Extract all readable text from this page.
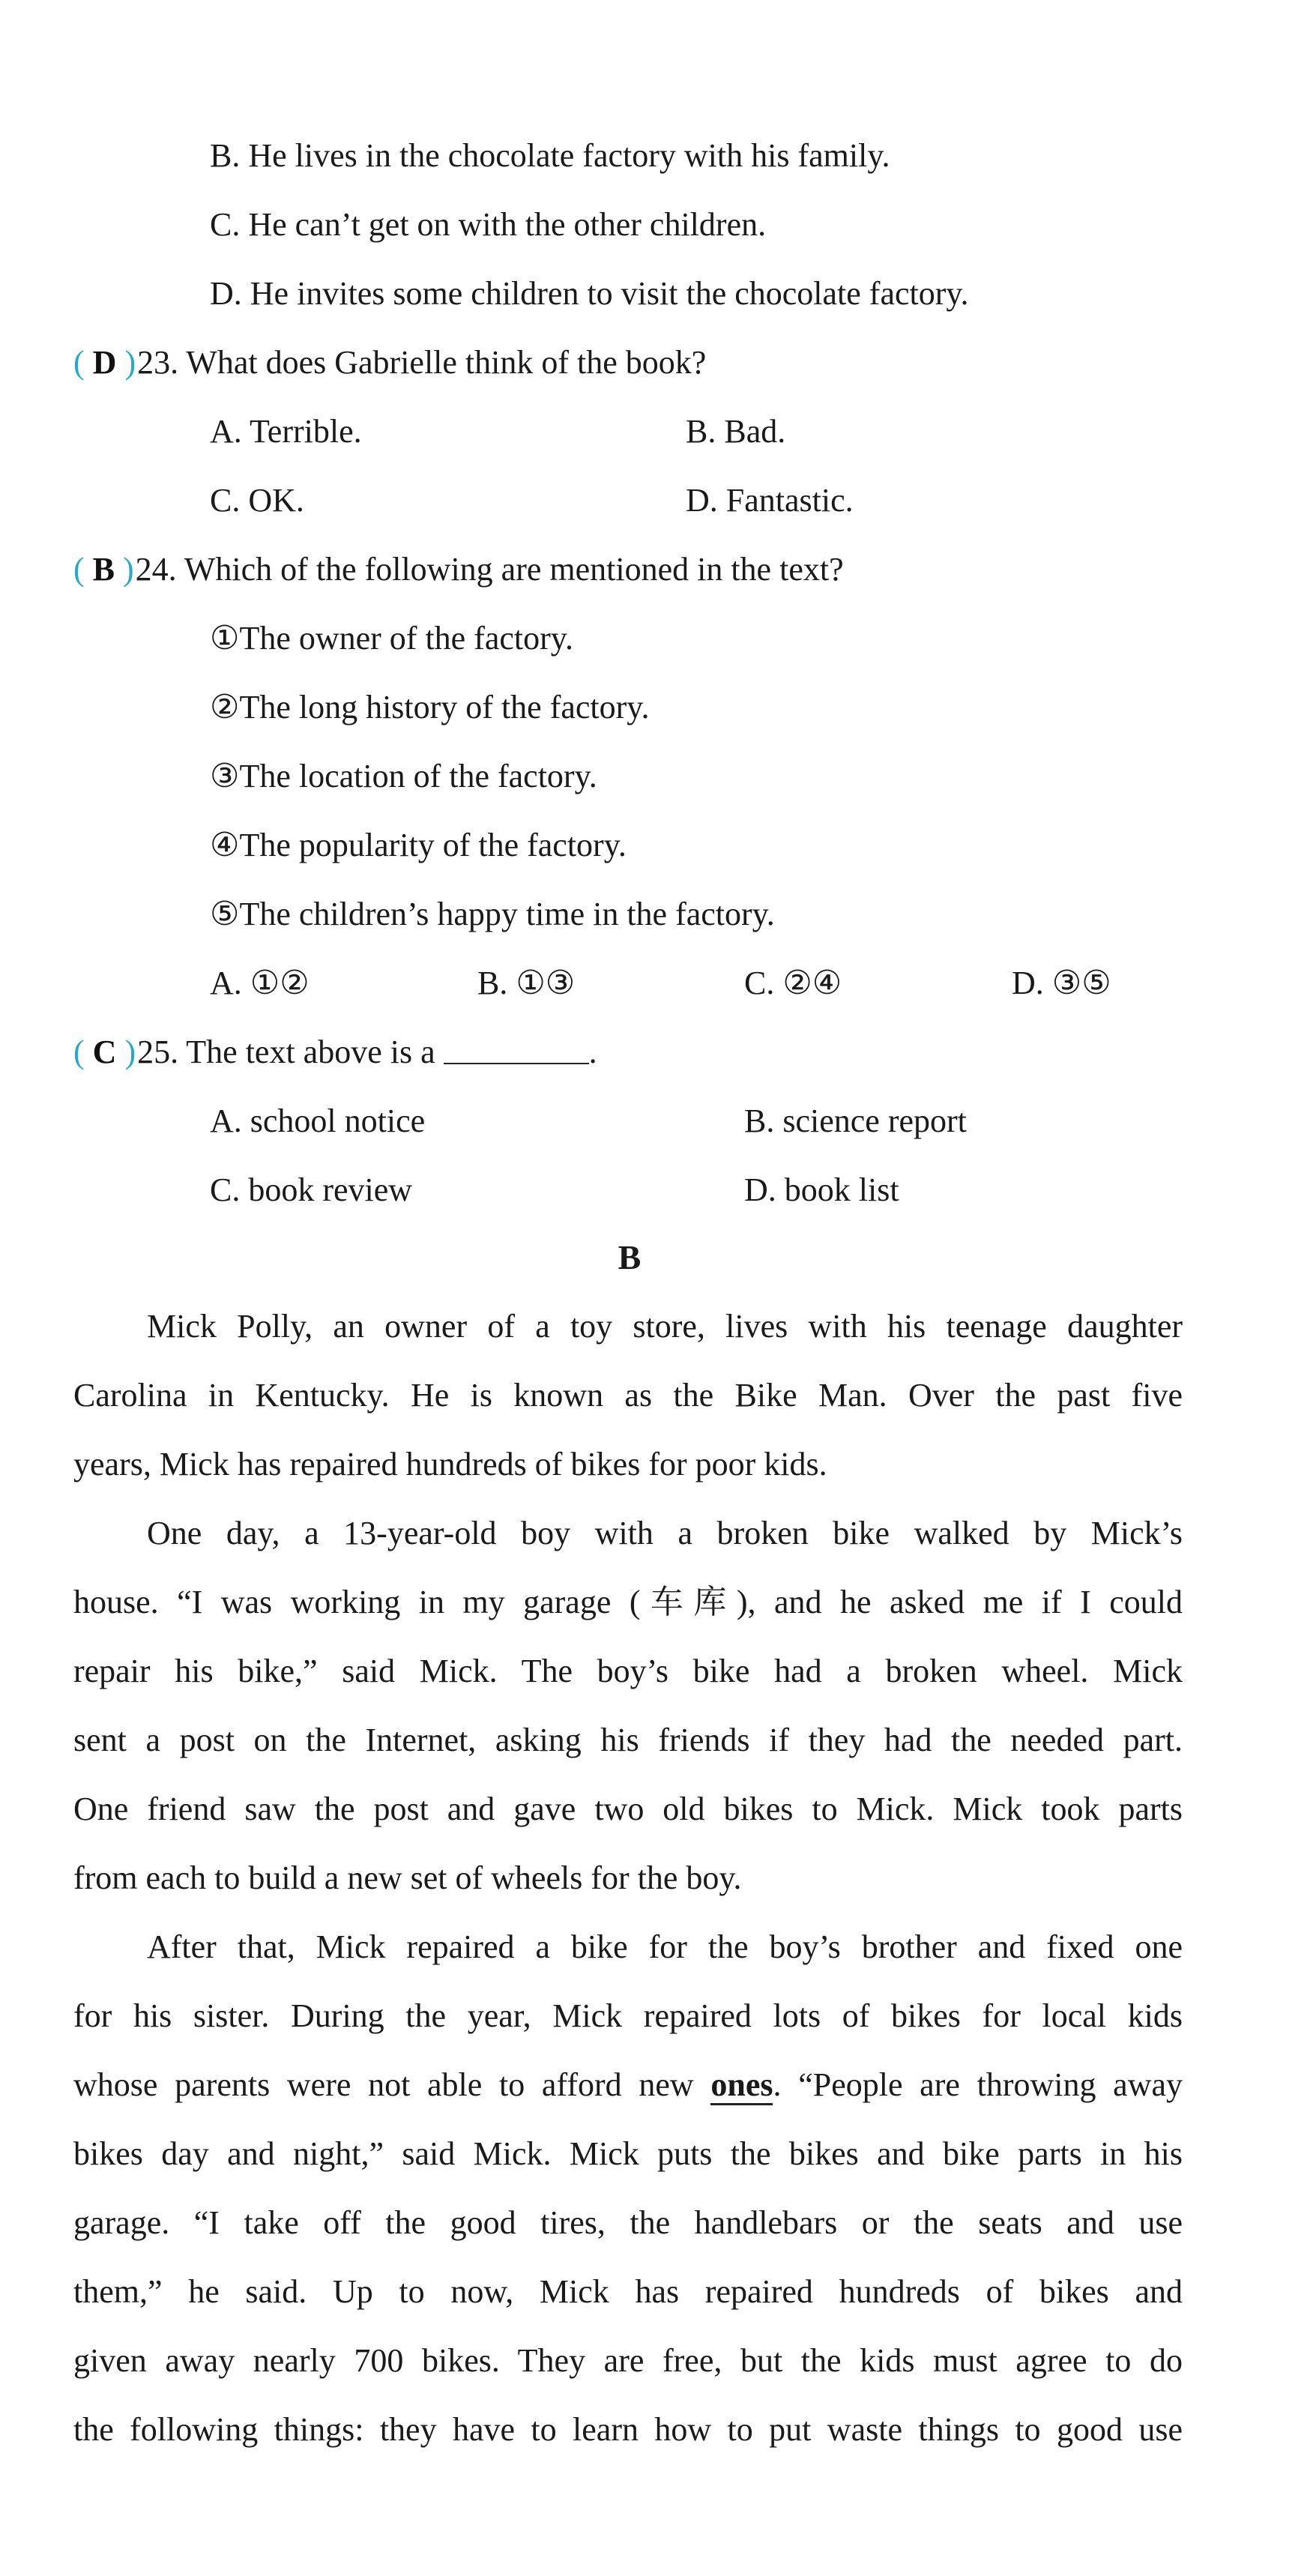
B. He lives in the chocolate factory with his family.
C. He can’t get on with the other children.
D. He invites some children to visit the chocolate factory.
( D )23. What does Gabrielle think of the book?
A. Terrible.	B. Bad.
C. OK.	D. Fantastic.
( B )24. Which of the following are mentioned in the text?
①The owner of the factory.
②The long history of the factory.
③The location of the factory.
④The popularity of the factory.
⑤The children’s happy time in the factory.
A. ①②	B. ①③	C. ②④	D. ③⑤
( C )25. The text above is a	.
A. school notice	B. science report
C. book review	D. book list
B
Mick Polly, an owner of a toy store, lives with his teenage daughter
Carolina in Kentucky. He is known as the Bike Man. Over the past five
years, Mick has repaired hundreds of bikes for poor kids.
One day, a 13-year-old boy with a broken bike walked by Mick’s
house. “I was working in my garage (车库), and he asked me if I could
repair his bike,” said Mick. The boy’s bike had a broken wheel. Mick
sent a post on the Internet, asking his friends if they had the needed part.
One friend saw the post and gave two old bikes to Mick. Mick took parts
from each to build a new set of wheels for the boy.
After that, Mick repaired a bike for the boy’s brother and fixed one
for his sister. During the year, Mick repaired lots of bikes for local kids
whose parents were not able to afford new ones. “People are throwing away
bikes day and night,” said Mick. Mick puts the bikes and bike parts in his
garage. “I take off the good tires, the handlebars or the seats and use
them,” he said. Up to now, Mick has repaired hundreds of bikes and
given away nearly 700 bikes. They are free, but the kids must agree to do
the following things: they have to learn how to put waste things to good use
